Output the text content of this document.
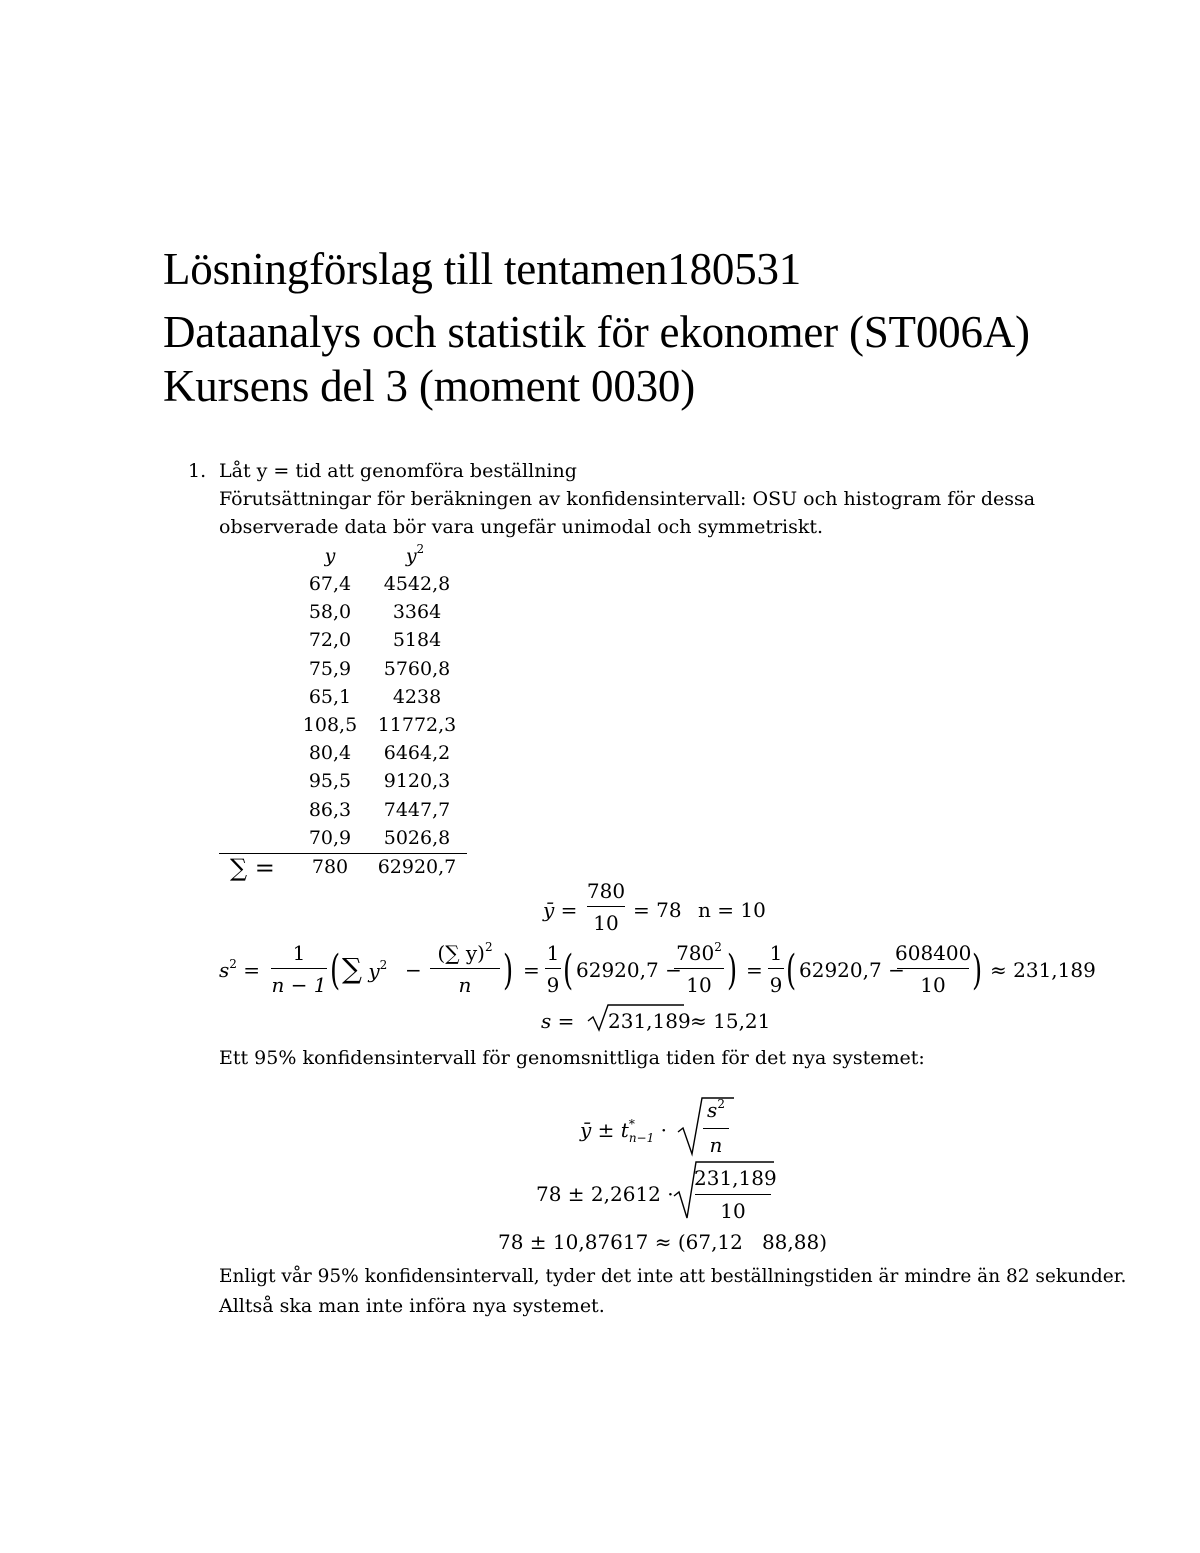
Lösningförslag till tentamen180531
Dataanalys och statistik för ekonomer (ST006A)
Kursens del 3 (moment 0030)
1. Låt y = tid att genomföra beställning
Förutsättningar för beräkningen av konfidensintervall: OSU och histogram för dessa
observerade data bör vara ungefär unimodal och symmetriskt.
y	$y^2$
67,4	4542,8
58,0	3364
72,0	5184
75,9	5760,8
65,1	4238
108,5 11772,3
80,4	6464,2
95,5	9120,3
86,3	7447,7
70,9	5026,8
∑ =	780	62920,7
ȳ =
780
10
= 78 n = 10
$s^2$ =
1
n − 1 ( ∑ $y^2$ −
(∑ y)$^2$
n	) =
1
9 ( 62920,7 −
$780^2$
10 ) =
1
9 ( 62920,7 −
608400
10	) ≈ 231,189
s = 231,189 ≈ 15,21
Ett 95% konfidensintervall för genomsnittliga tiden för det nya systemet:
ȳ ± $t^*_{n-1}$ ·
$s^2$
n
78 ± 2,2612 ·
231,189
10
78 ± 10,87617 ≈ (67,12   88,88)
Enligt vår 95% konfidensintervall, tyder det inte att beställningstiden är mindre än 82 sekunder.
Alltså ska man inte införa nya systemet.
